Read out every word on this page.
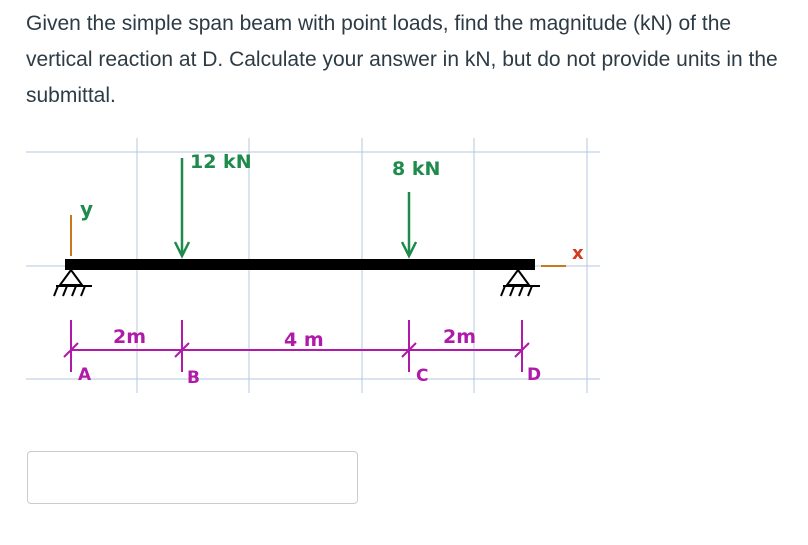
Given the simple span beam with point loads, find the magnitude (kN) of the vertical reaction at D. Calculate your answer in kN, but do not provide units in the submittal.
y
x
12 kN	8 kN
2m	4 m	2m
A	B	C	D
